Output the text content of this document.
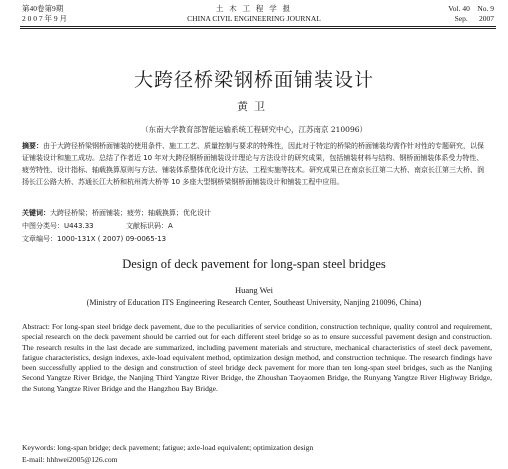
第40卷第9期
2 0 0 7 年 9 月
土 木 工 程 学 报
CHINA CIVIL ENGINEERING JOURNAL
Vol. 40    No. 9
Sep.      2007
大跨径桥梁钢桥面铺装设计
黄卫
（东南大学教育部智能运输系统工程研究中心，江苏南京 210096）
摘要：由于大跨径桥梁钢桥面铺装的使用条件、施工工艺、质量控制与要求的特殊性，因此对于特定的桥梁的桥面铺装均需作针对性的专题研究，以保证铺装设计和施工成功。总结了作者近 10 年对大跨径钢桥面铺装设计理论与方法设计的研究成果，包括铺装材料与结构、钢桥面铺装体系受力特性、疲劳特性、设计指标、轴载换算原则与方法、铺装体系整体优化设计方法、工程实施等技术。研究成果已在南京长江第二大桥、南京长江第三大桥、润扬长江公路大桥、苏通长江大桥和杭州湾大桥等 10 多座大型钢桥梁钢桥面铺装设计和铺装工程中应用。
关键词：大跨径桥梁；桥面铺装；疲劳；轴载换算；优化设计
中图分类号：U443.33	文献标识码：A
文章编号：1000-131X ( 2007) 09-0065-13
Design of deck pavement for long-span steel bridges
Huang Wei
(Ministry of Education ITS Engineering Research Center, Southeast University, Nanjing 210096, China)
Abstract: For long-span steel bridge deck pavement, due to the peculiarities of service condition, construction technique, quality control and requirement, special research on the deck pavement should be carried out for each different steel bridge so as to ensure successful pavement design and construction. The research results in the last decade are summarized, including pavement materials and structure, mechanical characteristics of steel deck pavement, fatigue characteristics, design indexes, axle-load equivalent method, optimization design method, and construction technique. The research findings have been successfully applied to the design and construction of steel bridge deck pavement for more than ten long-span steel bridges, such as the Nanjing Second Yangtze River Bridge, the Nanjing Third Yangtze River Bridge, the Zhoushan Taoyaomen Bridge, the Runyang Yangtze River Highway Bridge, the Sutong Yangtze River Bridge and the Hangzhou Bay Bridge.
Keywords: long-span bridge; deck pavement; fatigue; axle-load equivalent; optimization design
E-mail: hhhwei2005@126.com
